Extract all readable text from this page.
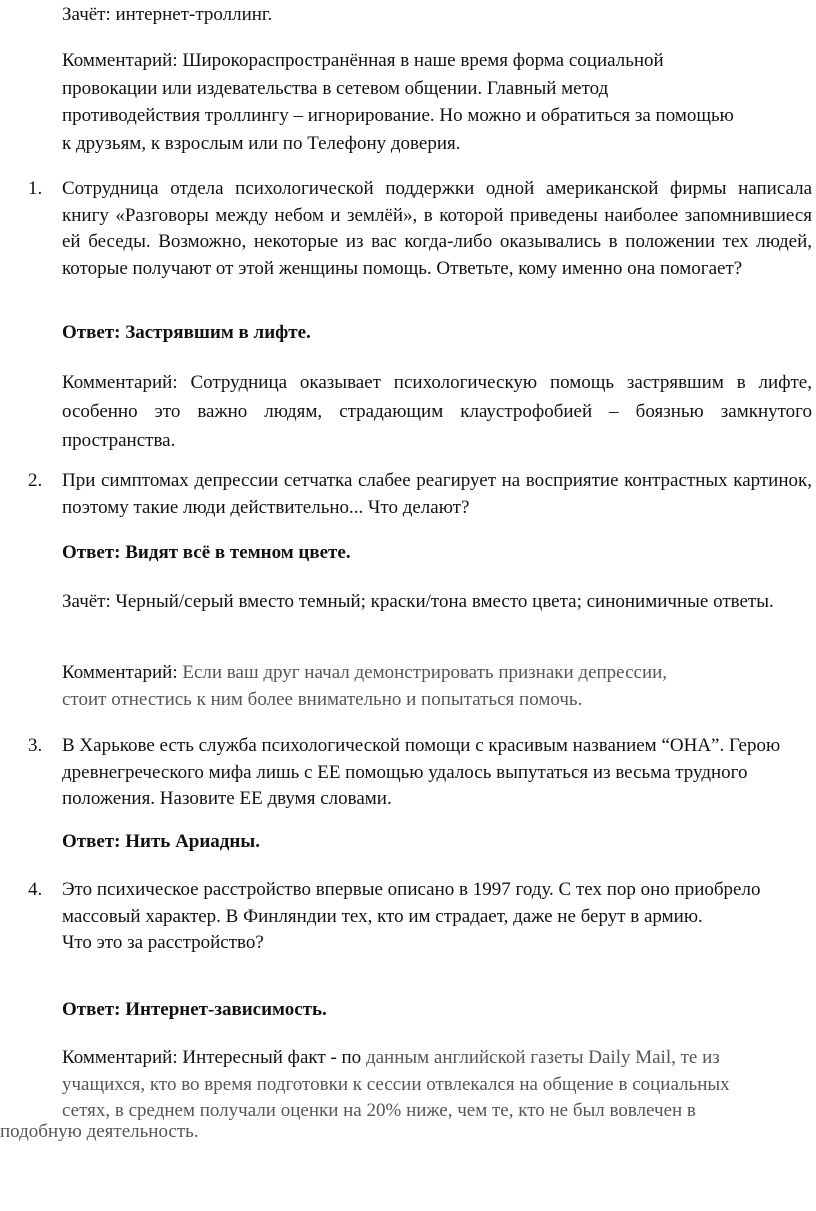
Зачёт: интернет-троллинг.
Комментарий: Широкораспространённая в наше время форма социальной
провокации или издевательства в сетевом общении. Главный метод
противодействия троллингу – игнорирование. Но можно и обратиться за помощью
к друзьям, к взрослым или по Телефону доверия.
1. Сотрудница отдела психологической поддержки одной американской фирмы написала книгу «Разговоры между небом и землёй», в которой приведены наиболее запомнившиеся ей беседы. Возможно, некоторые из вас когда-либо оказывались в положении тех людей, которые получают от этой женщины помощь. Ответьте, кому именно она помогает?
Ответ: Застрявшим в лифте.
Комментарий: Сотрудница оказывает психологическую помощь застрявшим в лифте, особенно это важно людям, страдающим клаустрофобией – боязнью замкнутого пространства.
2. При симптомах депрессии сетчатка слабее реагирует на восприятие контрастных картинок, поэтому такие люди действительно... Что делают?
Ответ: Видят всё в темном цвете.
Зачёт: Черный/серый вместо темный; краски/тона вместо цвета; синонимичные ответы.
Комментарий: Если ваш друг начал демонстрировать признаки депрессии,
стоит отнестись к ним более внимательно и попытаться помочь.
3. В Харькове есть служба психологической помощи с красивым названием “ОНА”. Герою древнегреческого мифа лишь с ЕЕ помощью удалось выпутаться из весьма трудного положения. Назовите ЕЕ двумя словами.
Ответ: Нить Ариадны.
4. Это психическое расстройство впервые описано в 1997 году. С тех пор оно приобрело массовый характер. В Финляндии тех, кто им страдает, даже не берут в армию.
Что это за расстройство?
Ответ: Интернет-зависимость.
Комментарий: Интересный факт - по данным английской газеты Daily Mail, те из
учащихся, кто во время подготовки к сессии отвлекался на общение в социальных
сетях, в среднем получали оценки на 20% ниже, чем те, кто не был вовлечен в
подобную деятельность.
